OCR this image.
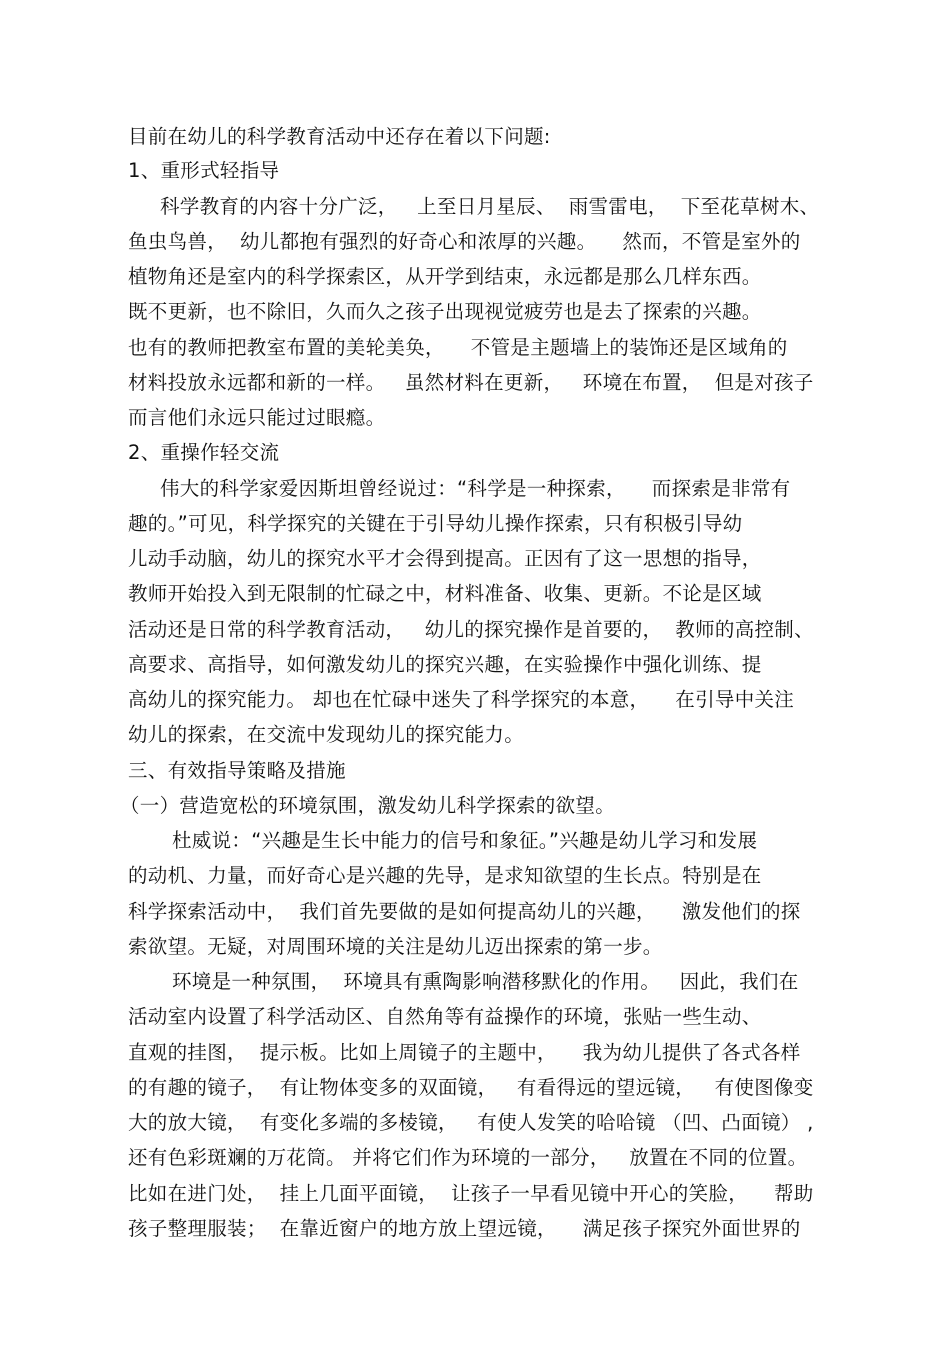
目前在幼儿的科学教育活动中还存在着以下问题:
1、重形式轻指导
科学教育的内容十分广泛，   上至日月星辰、  雨雪雷电，  下至花草树木、
鱼虫鸟兽，  幼儿都抱有强烈的好奇心和浓厚的兴趣。    然而，不管是室外的
植物角还是室内的科学探索区，从开学到结束，永远都是那么几样东西。
既不更新，也不除旧，久而久之孩子出现视觉疲劳也是去了探索的兴趣。
也有的教师把教室布置的美轮美奂，    不管是主题墙上的装饰还是区域角的
材料投放永远都和新的一样。   虽然材料在更新，   环境在布置，  但是对孩子
而言他们永远只能过过眼瘾。
2、重操作轻交流
伟大的科学家爱因斯坦曾经说过：“科学是一种探索，    而探索是非常有
趣的。”可见，科学探究的关键在于引导幼儿操作探索，只有积极引导幼
儿动手动脑，幼儿的探究水平才会得到提高。正因有了这一思想的指导，
教师开始投入到无限制的忙碌之中，材料准备、收集、更新。不论是区域
活动还是日常的科学教育活动，   幼儿的探究操作是首要的，  教师的高控制、
高要求、高指导，如何激发幼儿的探究兴趣，在实验操作中强化训练、提
高幼儿的探究能力。 却也在忙碌中迷失了科学探究的本意，    在引导中关注
幼儿的探索，在交流中发现幼儿的探究能力。
三、有效指导策略及措施
（一）营造宽松的环境氛围，激发幼儿科学探索的欲望。
杜威说：“兴趣是生长中能力的信号和象征。”兴趣是幼儿学习和发展
的动机、力量，而好奇心是兴趣的先导，是求知欲望的生长点。特别是在
科学探索活动中，  我们首先要做的是如何提高幼儿的兴趣，    激发他们的探
索欲望。无疑，对周围环境的关注是幼儿迈出探索的第一步。
环境是一种氛围，  环境具有熏陶影响潜移默化的作用。   因此，我们在
活动室内设置了科学活动区、自然角等有益操作的环境，张贴一些生动、
直观的挂图，  提示板。比如上周镜子的主题中，    我为幼儿提供了各式各样
的有趣的镜子，  有让物体变多的双面镜，   有看得远的望远镜，   有使图像变
大的放大镜，  有变化多端的多棱镜，   有使人发笑的哈哈镜 （凹、凸面镜） ,
还有色彩斑斓的万花筒。 并将它们作为环境的一部分，   放置在不同的位置。
比如在进门处，  挂上几面平面镜，  让孩子一早看见镜中开心的笑脸，    帮助
孩子整理服装；  在靠近窗户的地方放上望远镜，    满足孩子探究外面世界的
